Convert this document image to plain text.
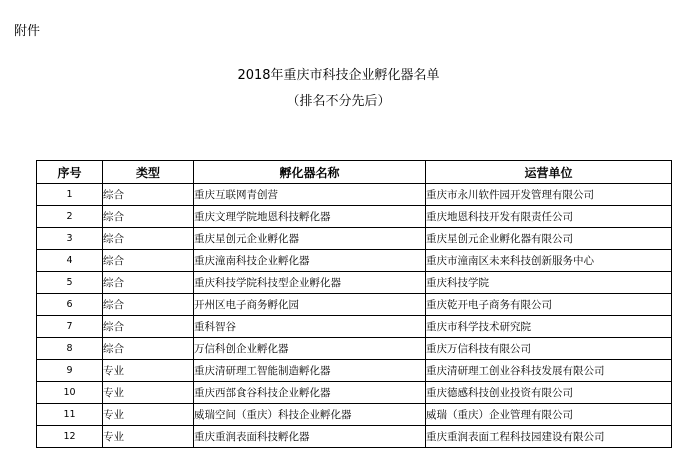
附件
2018年重庆市科技企业孵化器名单
（排名不分先后）
序号	类型	孵化器名称	运营单位
1	综合	重庆互联网青创营	重庆市永川软件园开发管理有限公司
2	综合	重庆文理学院地恩科技孵化器	重庆地恩科技开发有限责任公司
3	综合	重庆星创元企业孵化器	重庆星创元企业孵化器有限公司
4	综合	重庆潼南科技企业孵化器	重庆市潼南区未来科技创新服务中心
5	综合	重庆科技学院科技型企业孵化器	重庆科技学院
6	综合	开州区电子商务孵化园	重庆乾开电子商务有限公司
7	综合	重科智谷	重庆市科学技术研究院
8	综合	万信科创企业孵化器	重庆万信科技有限公司
9	专业	重庆清研理工智能制造孵化器	重庆清研理工创业谷科技发展有限公司
10	专业	重庆西部食谷科技企业孵化器	重庆德感科技创业投资有限公司
11	专业	威瑞空间（重庆）科技企业孵化器	威瑞（重庆）企业管理有限公司
12	专业	重庆重润表面科技孵化器	重庆重润表面工程科技园建设有限公司
